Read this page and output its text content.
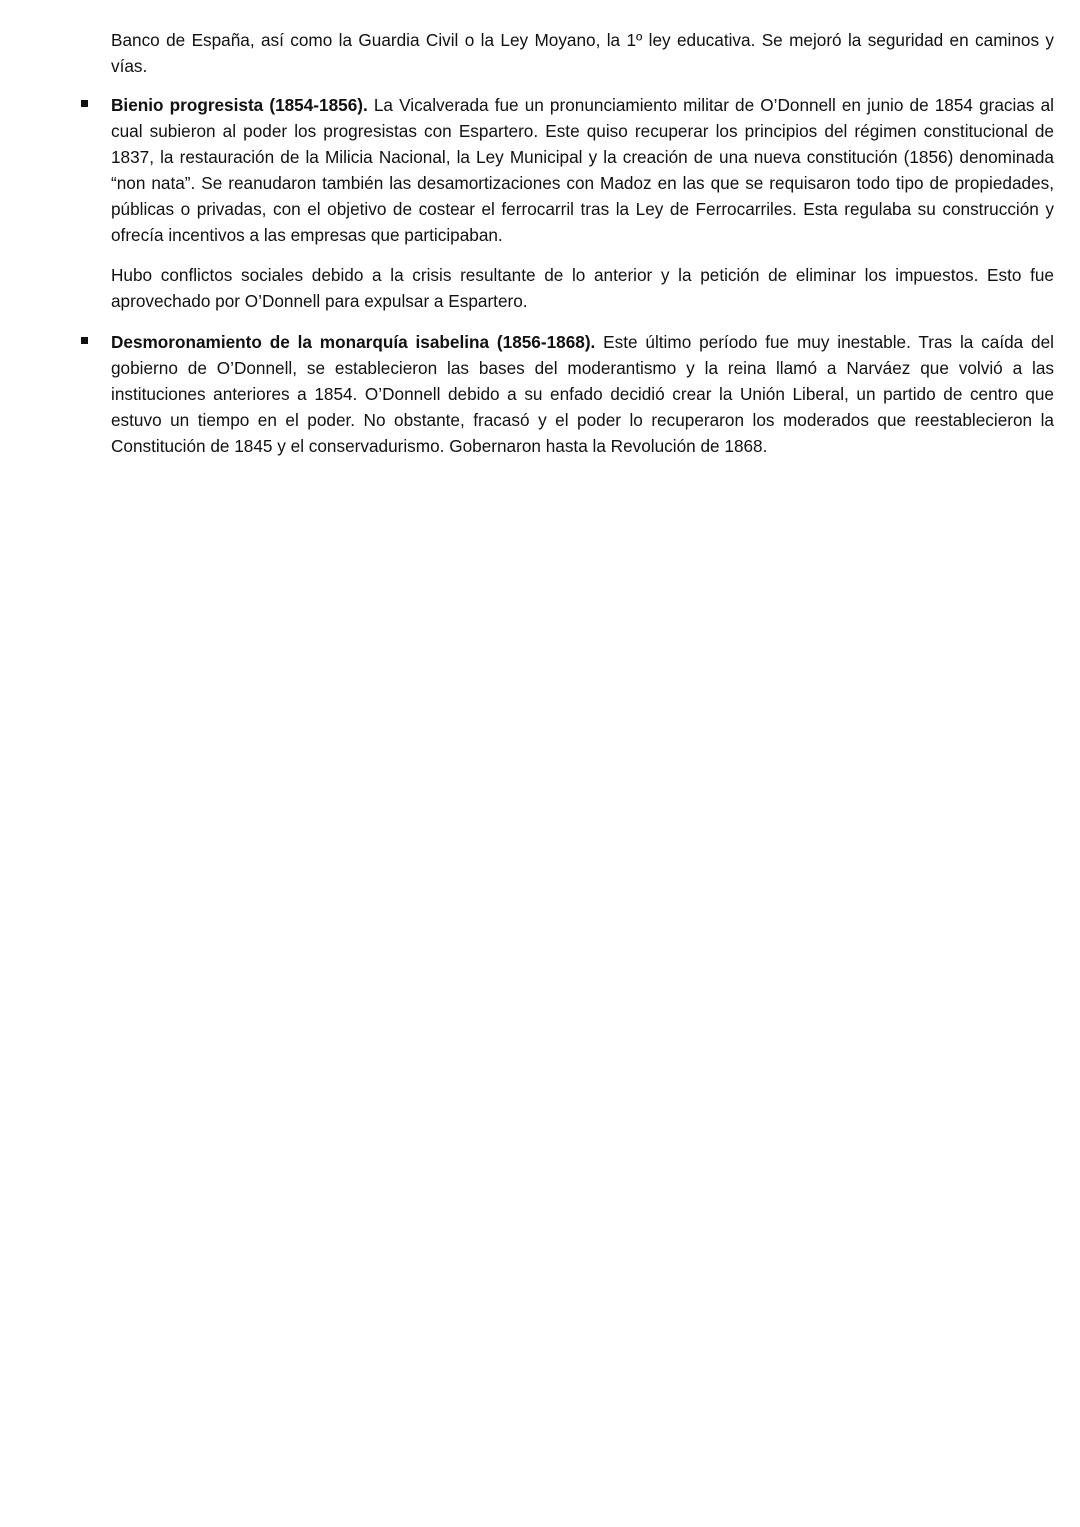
Banco de España, así como la Guardia Civil o la Ley Moyano, la 1º ley educativa. Se mejoró la seguridad en caminos y vías.

Bienio progresista (1854-1856). La Vicalverada fue un pronunciamiento militar de O’Donnell en junio de 1854 gracias al cual subieron al poder los progresistas con Espartero. Este quiso recuperar los principios del régimen constitucional de 1837, la restauración de la Milicia Nacional, la Ley Municipal y la creación de una nueva constitución (1856) denominada “non nata”. Se reanudaron también las desamortizaciones con Madoz en las que se requisaron todo tipo de propiedades, públicas o privadas, con el objetivo de costear el ferrocarril tras la Ley de Ferrocarriles. Esta regulaba su construcción y ofrecía incentivos a las empresas que participaban.

Hubo conflictos sociales debido a la crisis resultante de lo anterior y la petición de eliminar los impuestos. Esto fue aprovechado por O’Donnell para expulsar a Espartero.

Desmoronamiento de la monarquía isabelina (1856-1868). Este último período fue muy inestable. Tras la caída del gobierno de O’Donnell, se establecieron las bases del moderantismo y la reina llamó a Narváez que volvió a las instituciones anteriores a 1854. O’Donnell debido a su enfado decidió crear la Unión Liberal, un partido de centro que estuvo un tiempo en el poder. No obstante, fracasó y el poder lo recuperaron los moderados que reestablecieron la Constitución de 1845 y el conservadurismo. Gobernaron hasta la Revolución de 1868.
